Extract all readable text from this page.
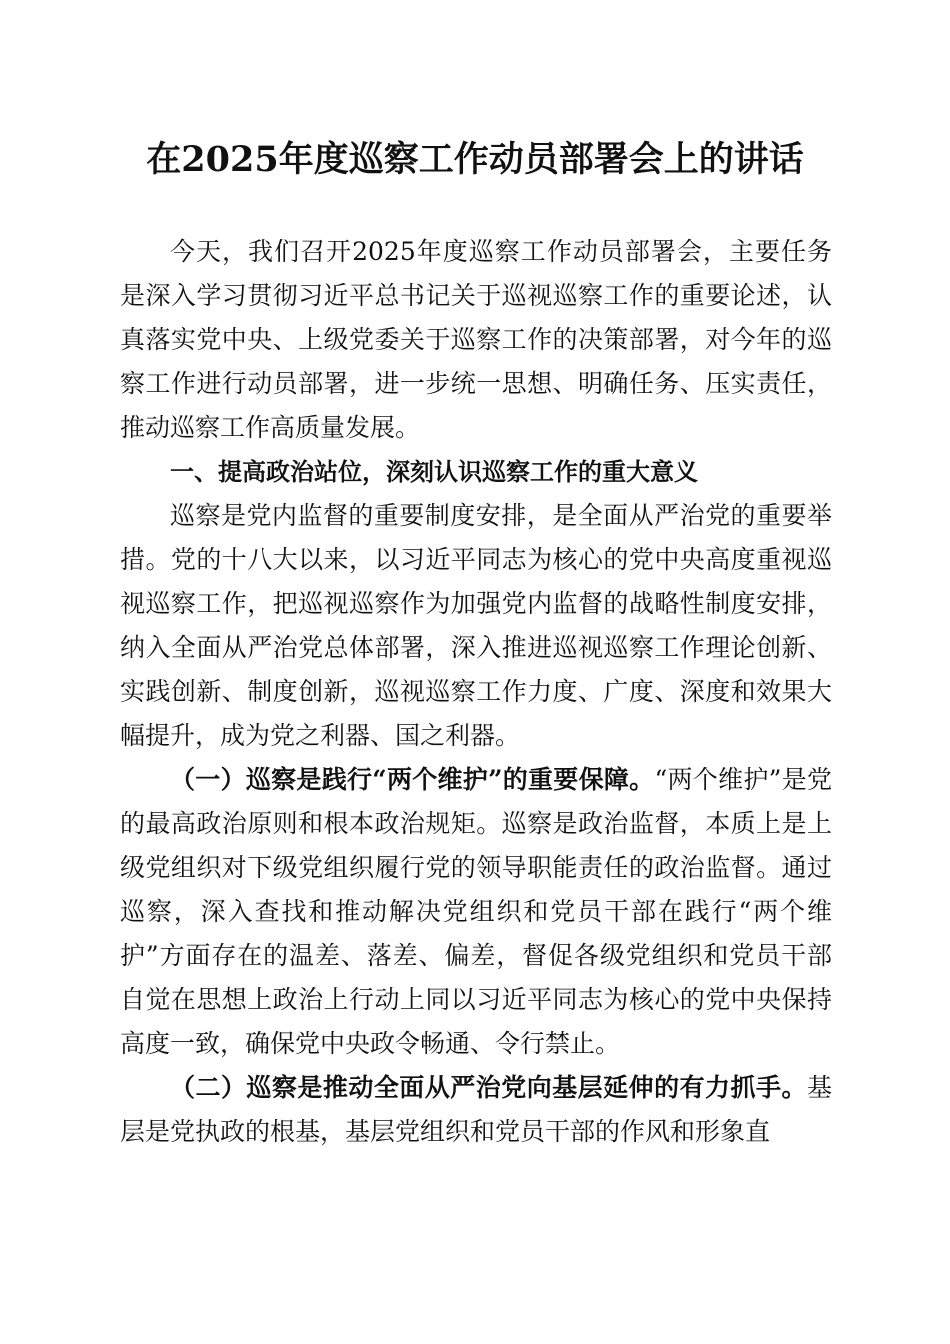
在2025年度巡察工作动员部署会上的讲话

今天，我们召开2025年度巡察工作动员部署会，主要任务是深入学习贯彻习近平总书记关于巡视巡察工作的重要论述，认真落实党中央、上级党委关于巡察工作的决策部署，对今年的巡察工作进行动员部署，进一步统一思想、明确任务、压实责任，推动巡察工作高质量发展。

一、提高政治站位，深刻认识巡察工作的重大意义

巡察是党内监督的重要制度安排，是全面从严治党的重要举措。党的十八大以来，以习近平同志为核心的党中央高度重视巡视巡察工作，把巡视巡察作为加强党内监督的战略性制度安排，纳入全面从严治党总体部署，深入推进巡视巡察工作理论创新、实践创新、制度创新，巡视巡察工作力度、广度、深度和效果大幅提升，成为党之利器、国之利器。

（一）巡察是践行“两个维护”的重要保障。“两个维护”是党的最高政治原则和根本政治规矩。巡察是政治监督，本质上是上级党组织对下级党组织履行党的领导职能责任的政治监督。通过巡察，深入查找和推动解决党组织和党员干部在践行“两个维护”方面存在的温差、落差、偏差，督促各级党组织和党员干部自觉在思想上政治上行动上同以习近平同志为核心的党中央保持高度一致，确保党中央政令畅通、令行禁止。

（二）巡察是推动全面从严治党向基层延伸的有力抓手。基层是党执政的根基，基层党组织和党员干部的作风和形象直
